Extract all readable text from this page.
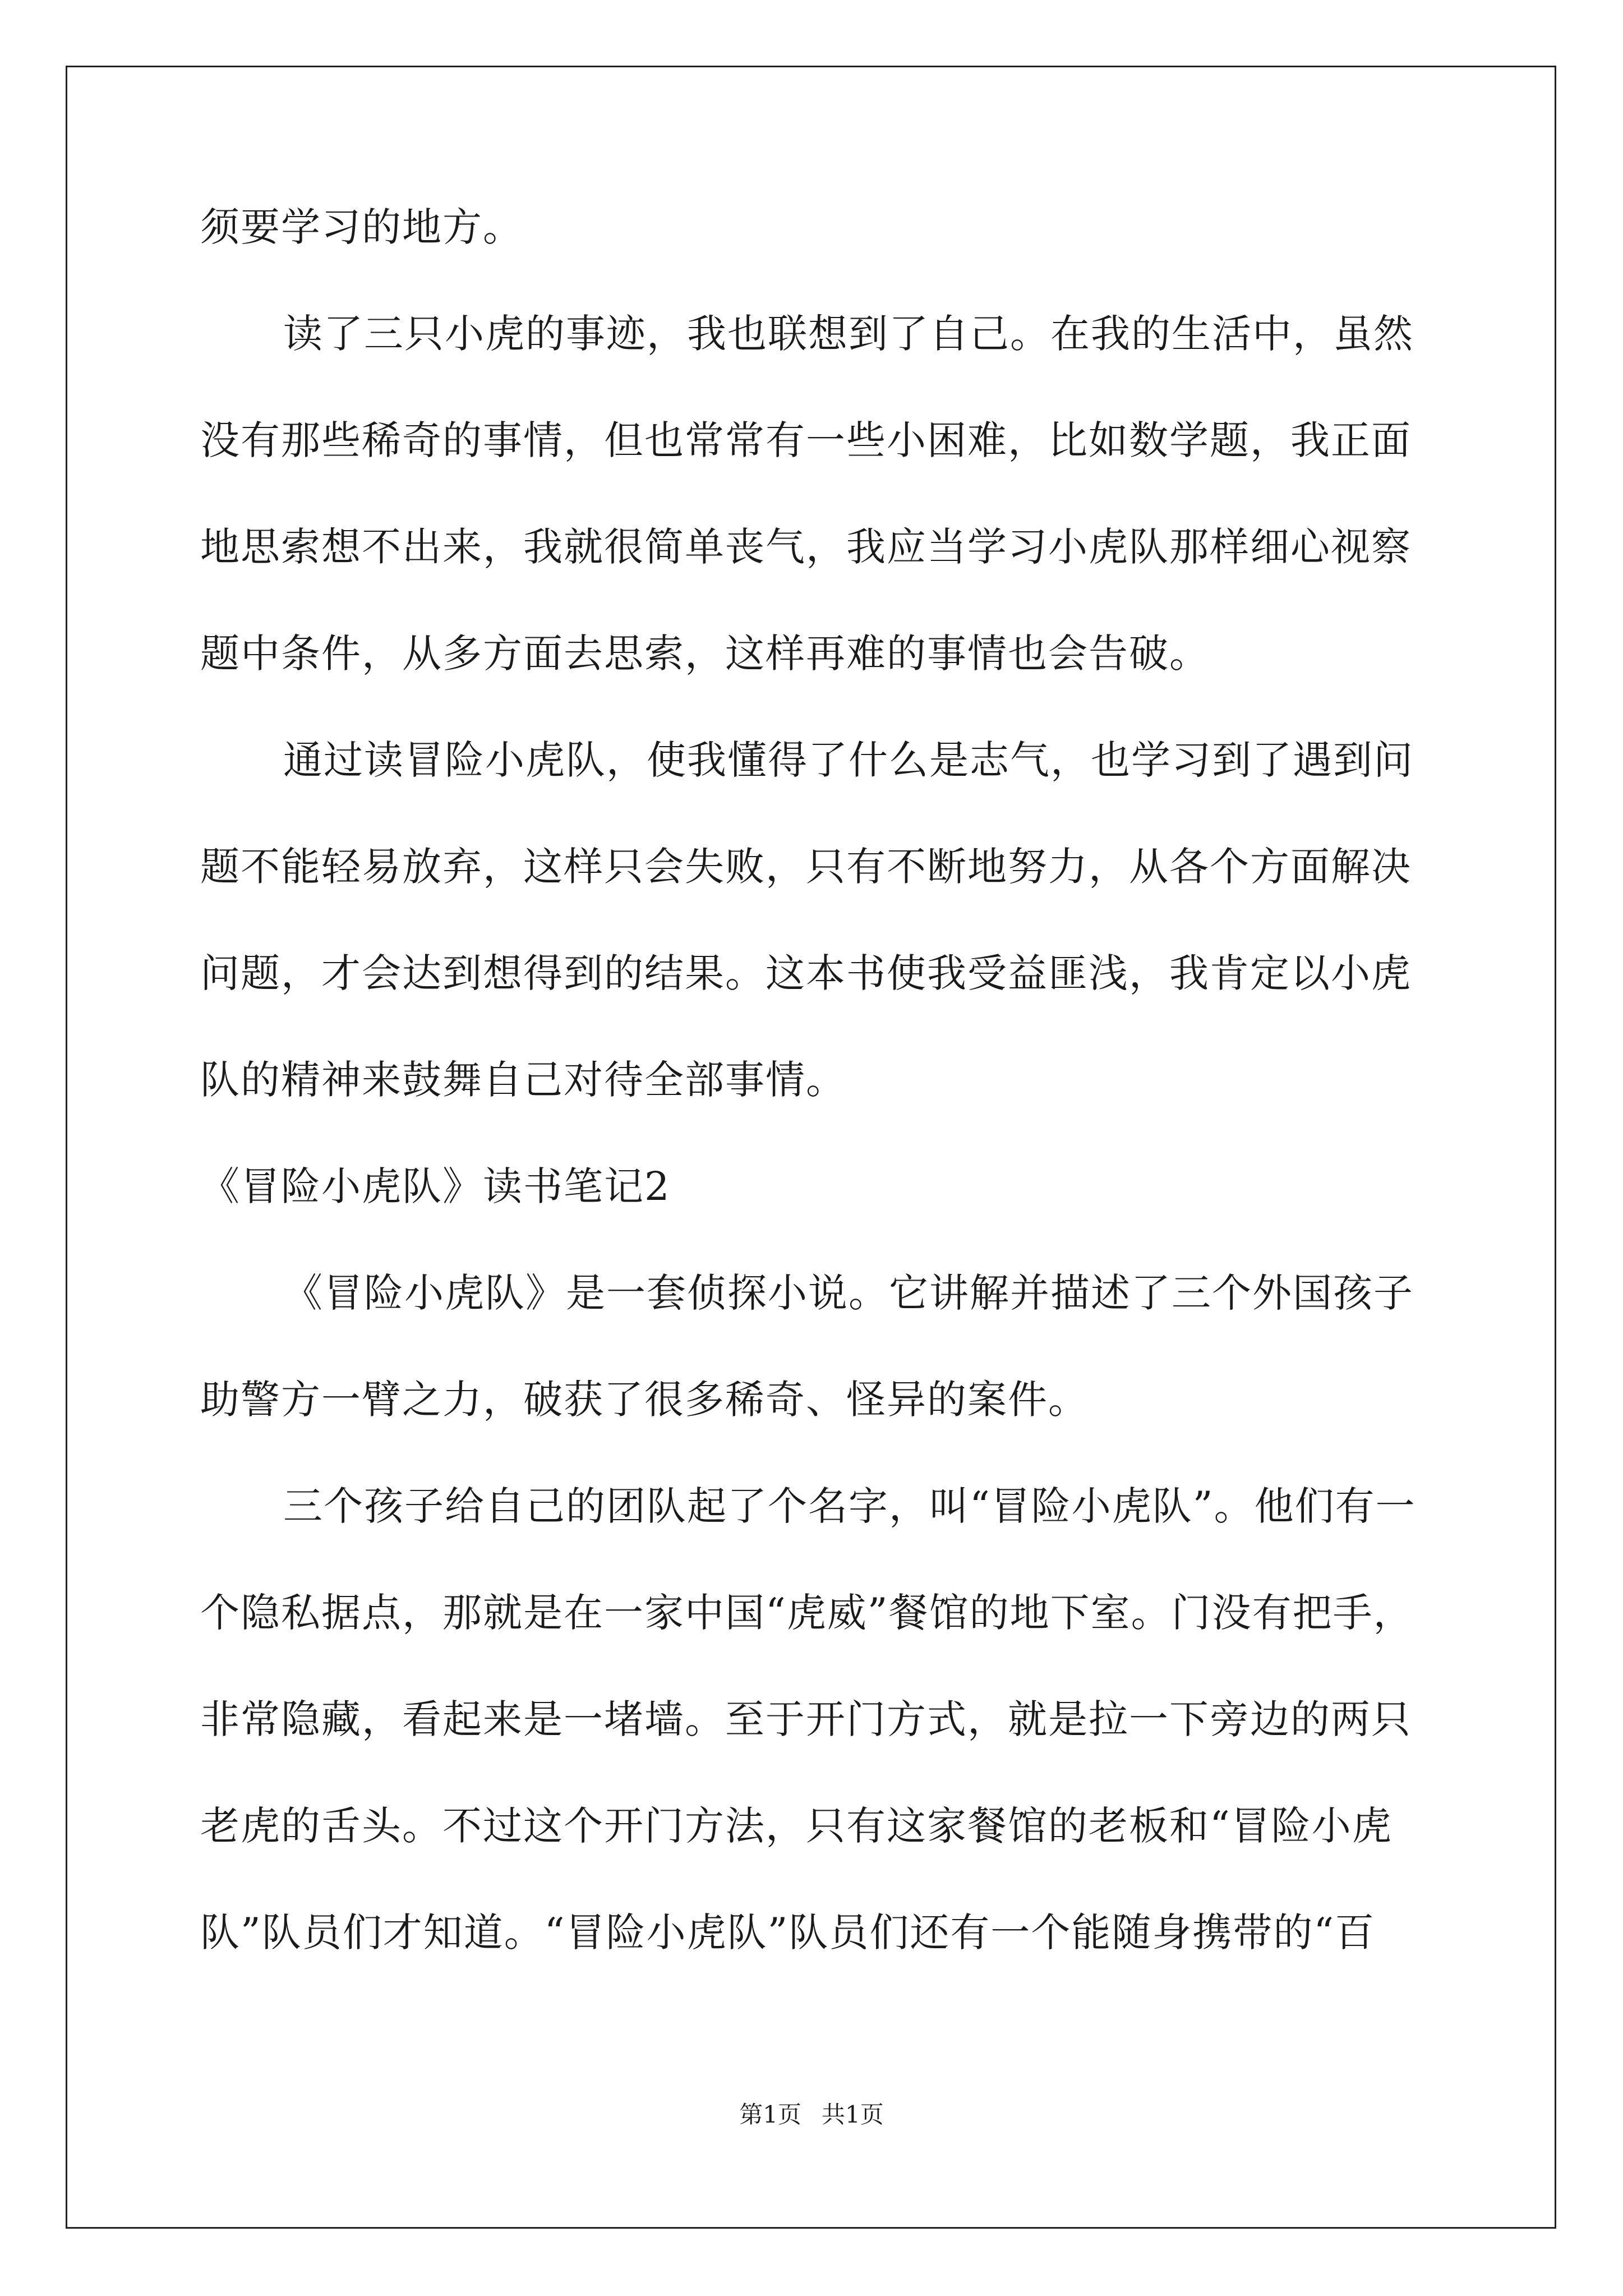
须要学习的地方。
读了三只小虎的事迹，我也联想到了自己。在我的生活中，虽然
没有那些稀奇的事情，但也常常有一些小困难，比如数学题，我正面
地思索想不出来，我就很简单丧气，我应当学习小虎队那样细心视察
题中条件，从多方面去思索，这样再难的事情也会告破。
通过读冒险小虎队，使我懂得了什么是志气，也学习到了遇到问
题不能轻易放弃，这样只会失败，只有不断地努力，从各个方面解决
问题，才会达到想得到的结果。这本书使我受益匪浅，我肯定以小虎
队的精神来鼓舞自己对待全部事情。
《冒险小虎队》读书笔记2
《冒险小虎队》是一套侦探小说。它讲解并描述了三个外国孩子
助警方一臂之力，破获了很多稀奇、怪异的案件。
三个孩子给自己的团队起了个名字，叫“冒险小虎队”。他们有一
个隐私据点，那就是在一家中国“虎威”餐馆的地下室。门没有把手，
非常隐藏，看起来是一堵墙。至于开门方式，就是拉一下旁边的两只
老虎的舌头。不过这个开门方法，只有这家餐馆的老板和“冒险小虎
队”队员们才知道。“冒险小虎队”队员们还有一个能随身携带的“百
第1页 共1页
